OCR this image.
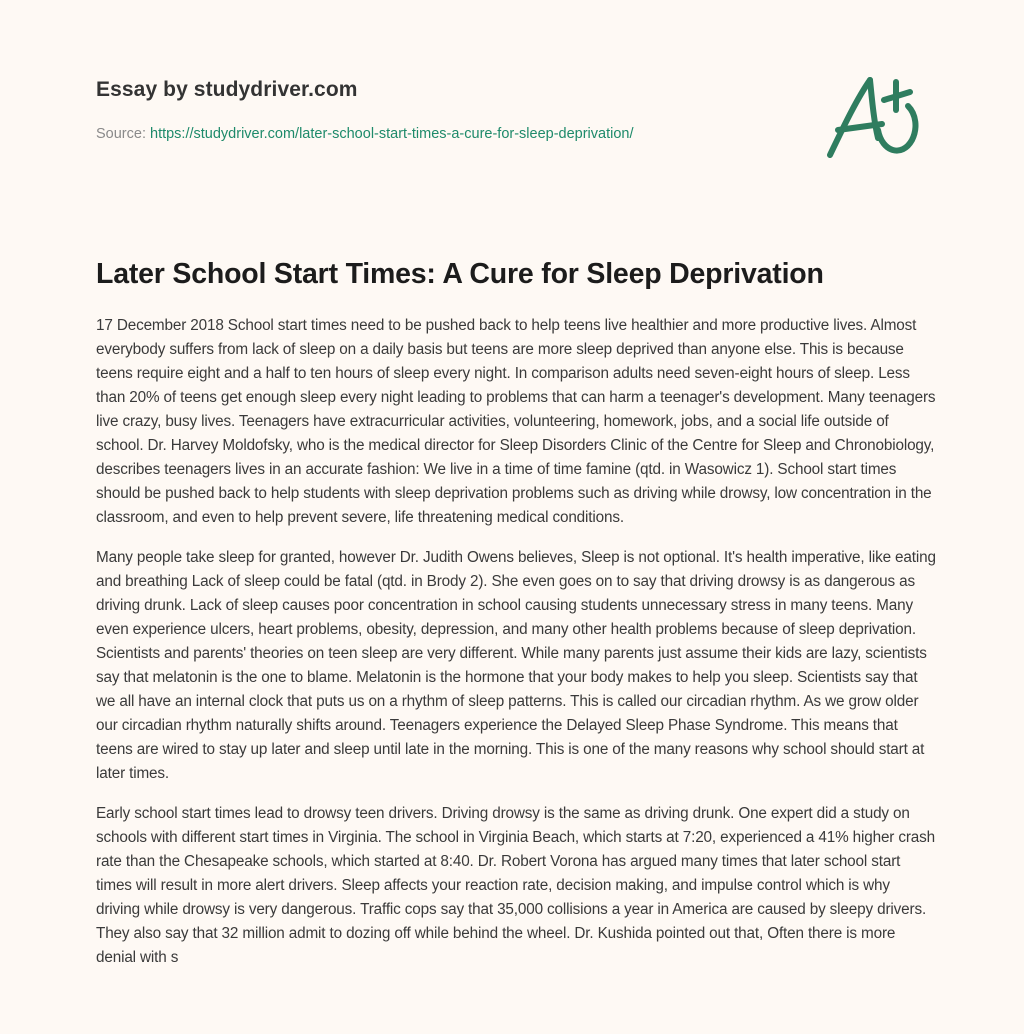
Essay by studydriver.com
Source: https://studydriver.com/later-school-start-times-a-cure-for-sleep-deprivation/
Later School Start Times: A Cure for Sleep Deprivation

17 December 2018 School start times need to be pushed back to help teens live healthier and more productive lives. Almost everybody suffers from lack of sleep on a daily basis but teens are more sleep deprived than anyone else. This is because teens require eight and a half to ten hours of sleep every night. In comparison adults need seven-eight hours of sleep. Less than 20% of teens get enough sleep every night leading to problems that can harm a teenager's development. Many teenagers live crazy, busy lives. Teenagers have extracurricular activities, volunteering, homework, jobs, and a social life outside of school. Dr. Harvey Moldofsky, who is the medical director for Sleep Disorders Clinic of the Centre for Sleep and Chronobiology, describes teenagers lives in an accurate fashion: We live in a time of time famine (qtd. in Wasowicz 1). School start times should be pushed back to help students with sleep deprivation problems such as driving while drowsy, low concentration in the classroom, and even to help prevent severe, life threatening medical conditions.

Many people take sleep for granted, however Dr. Judith Owens believes, Sleep is not optional. It's health imperative, like eating and breathing Lack of sleep could be fatal (qtd. in Brody 2). She even goes on to say that driving drowsy is as dangerous as driving drunk. Lack of sleep causes poor concentration in school causing students unnecessary stress in many teens. Many even experience ulcers, heart problems, obesity, depression, and many other health problems because of sleep deprivation. Scientists and parents' theories on teen sleep are very different. While many parents just assume their kids are lazy, scientists say that melatonin is the one to blame. Melatonin is the hormone that your body makes to help you sleep. Scientists say that we all have an internal clock that puts us on a rhythm of sleep patterns. This is called our circadian rhythm. As we grow older our circadian rhythm naturally shifts around. Teenagers experience the Delayed Sleep Phase Syndrome. This means that teens are wired to stay up later and sleep until late in the morning. This is one of the many reasons why school should start at later times.

Early school start times lead to drowsy teen drivers. Driving drowsy is the same as driving drunk. One expert did a study on schools with different start times in Virginia. The school in Virginia Beach, which starts at 7:20, experienced a 41% higher crash rate than the Chesapeake schools, which started at 8:40. Dr. Robert Vorona has argued many times that later school start times will result in more alert drivers. Sleep affects your reaction rate, decision making, and impulse control which is why driving while drowsy is very dangerous. Traffic cops say that 35,000 collisions a year in America are caused by sleepy drivers. They also say that 32 million admit to dozing off while behind the wheel. Dr. Kushida pointed out that, Often there is more denial with s
